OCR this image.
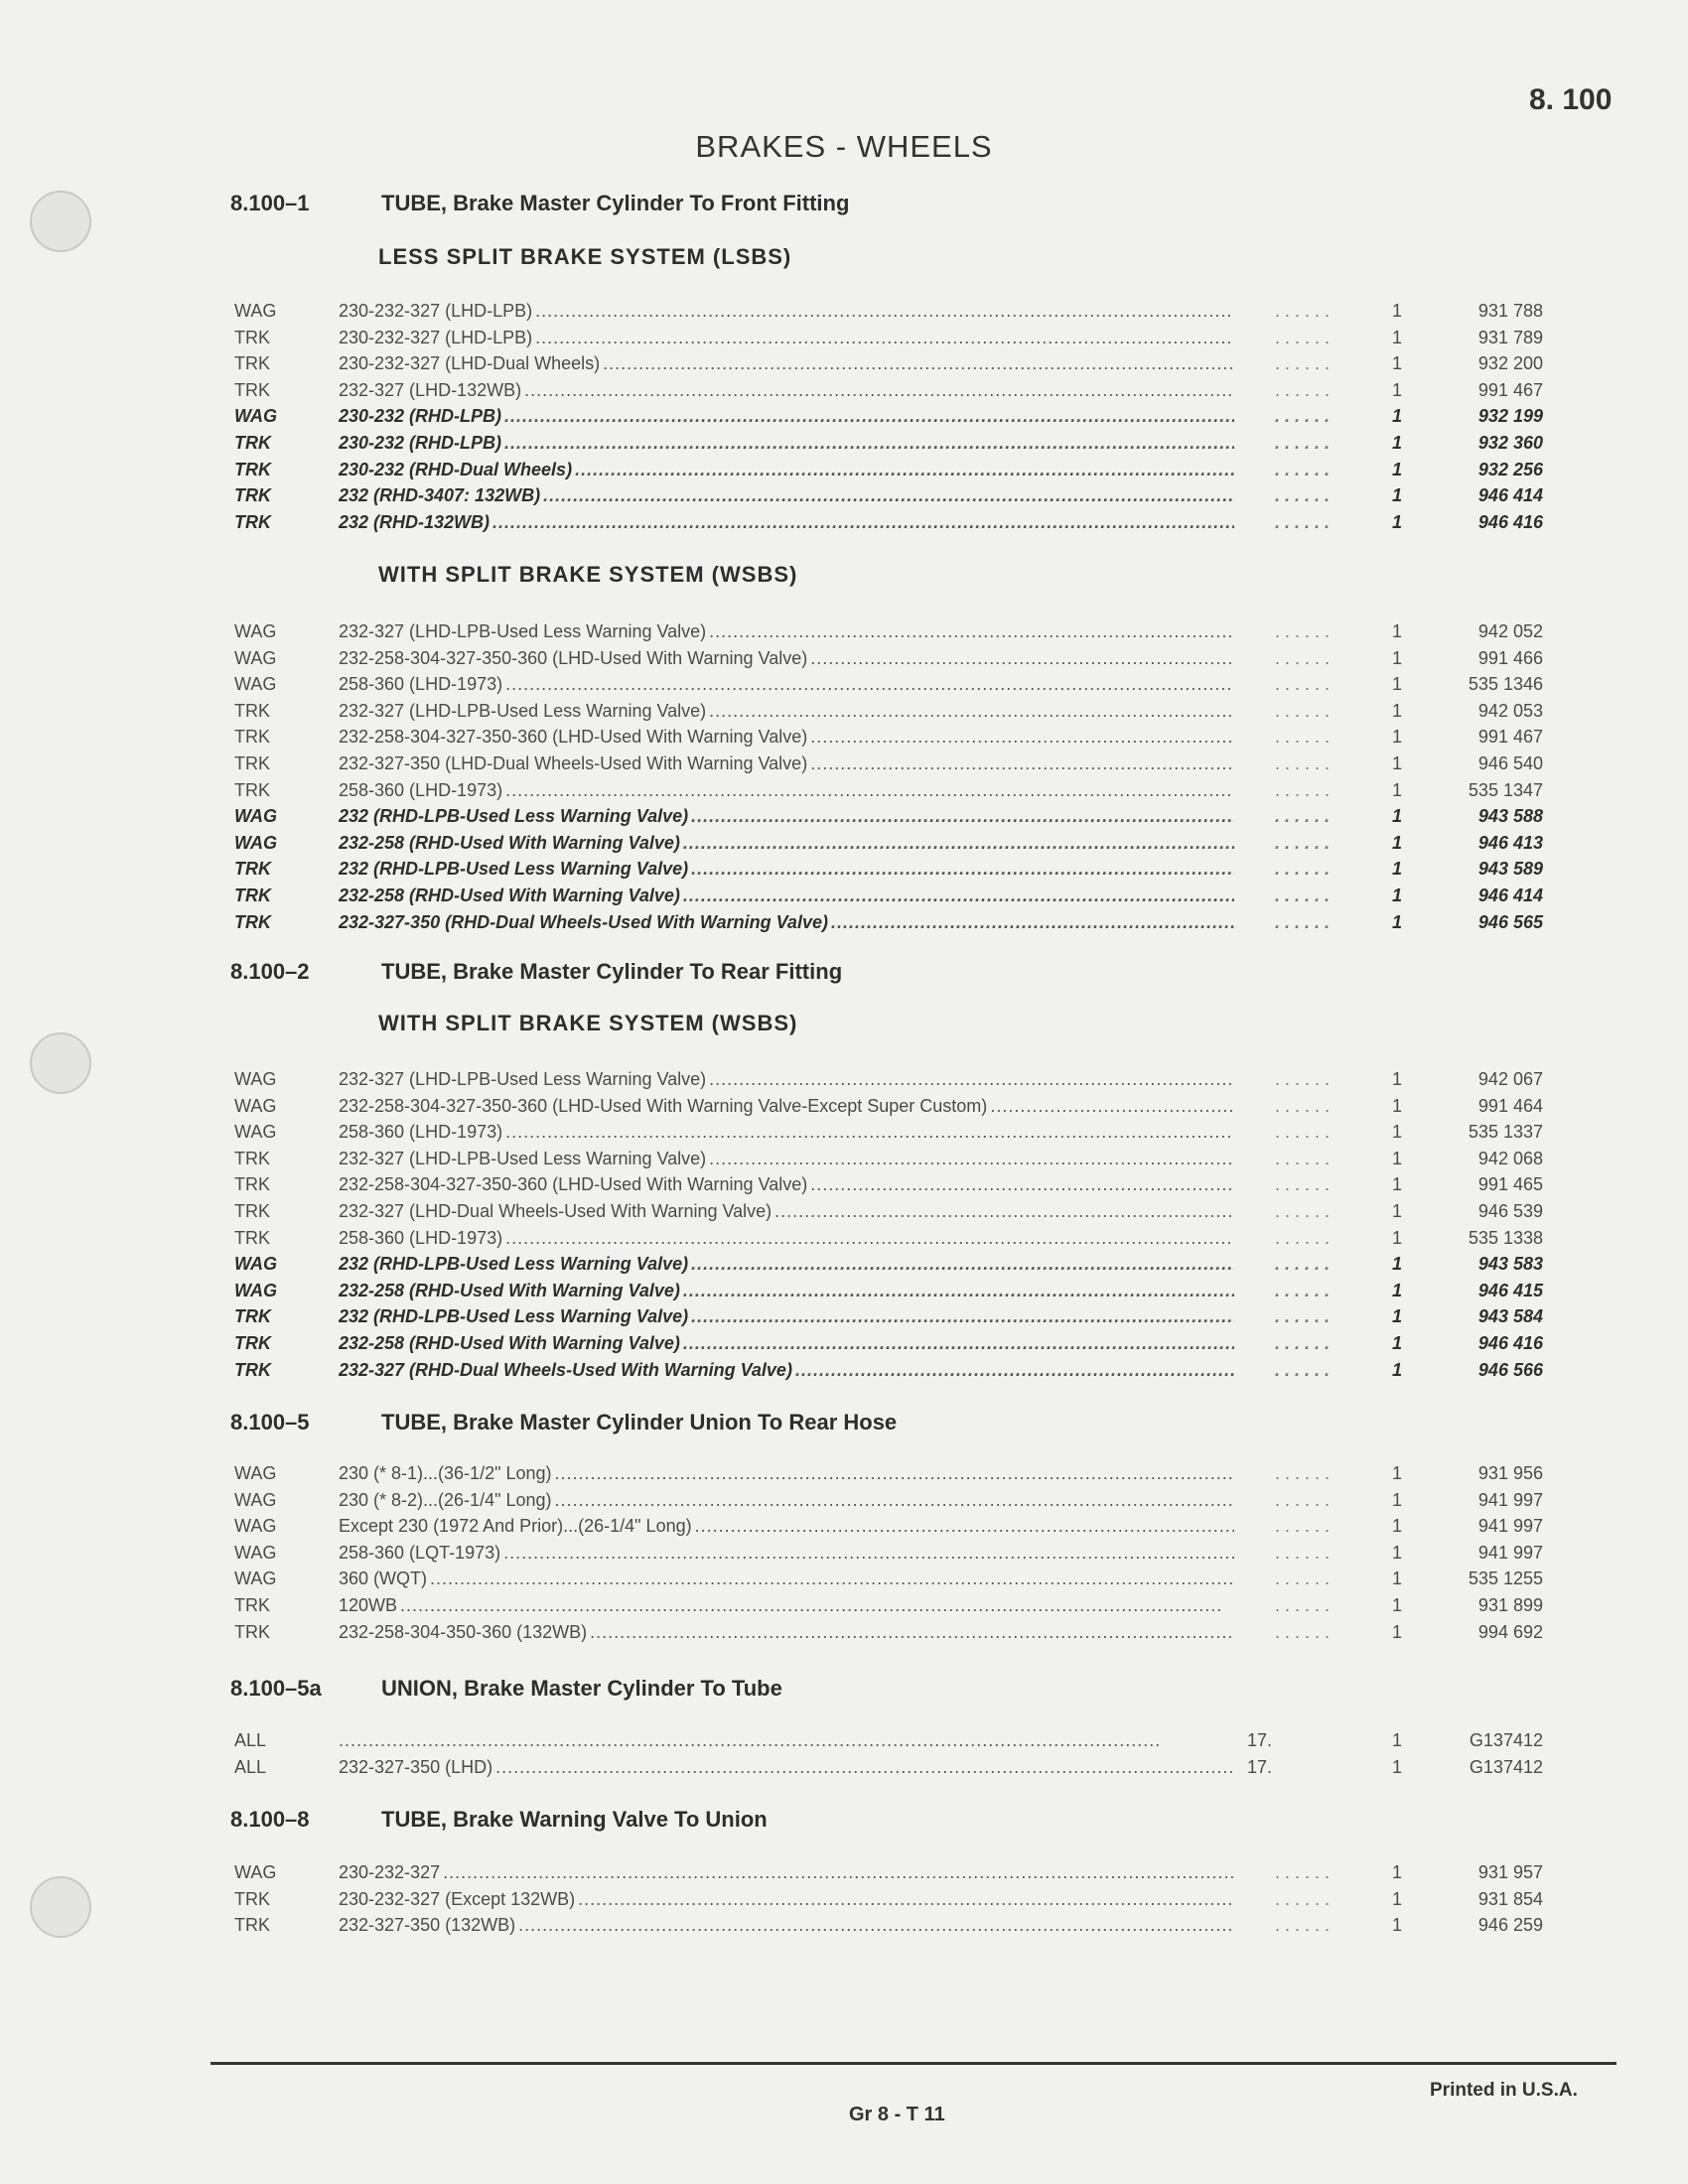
8. 100
BRAKES - WHEELS
8.100–1	TUBE, Brake Master Cylinder To Front Fitting
LESS SPLIT BRAKE SYSTEM (LSBS)
WAG	230-232-327 (LHD-LPB) . . .	. . . . . .	1	931 788
TRK	230-232-327 (LHD-LPB) . . .	. . . . . .	1	931 789
TRK	230-232-327 (LHD-Dual Wheels) . . .	. . . . . .	1	932 200
TRK	232-327 (LHD-132WB) . . .	. . . . . .	1	991 467
WAG	230-232 (RHD-LPB) . . .	. . . . . .	1	932 199
TRK	230-232 (RHD-LPB) . . .	. . . . . .	1	932 360
TRK	230-232 (RHD-Dual Wheels) . . .	. . . . . .	1	932 256
TRK	232 (RHD-3407: 132WB) . . .	. . . . . .	1	946 414
TRK	232 (RHD-132WB) . . .	. . . . . .	1	946 416
WITH SPLIT BRAKE SYSTEM (WSBS)
WAG	232-327 (LHD-LPB-Used Less Warning Valve) . . .	. . . . . .	1	942 052
WAG	232-258-304-327-350-360 (LHD-Used With Warning Valve) . . .	. . . . . .	1	991 466
WAG	258-360 (LHD-1973) . . .	. . . . . .	1	535 1346
TRK	232-327 (LHD-LPB-Used Less Warning Valve) . . .	. . . . . .	1	942 053
TRK	232-258-304-327-350-360 (LHD-Used With Warning Valve) . . .	. . . . . .	1	991 467
TRK	232-327-350 (LHD-Dual Wheels-Used With Warning Valve) . . .	. . . . . .	1	946 540
TRK	258-360 (LHD-1973) . . .	. . . . . .	1	535 1347
WAG	232 (RHD-LPB-Used Less Warning Valve) . . .	. . . . . .	1	943 588
WAG	232-258 (RHD-Used With Warning Valve) . . .	. . . . . .	1	946 413
TRK	232 (RHD-LPB-Used Less Warning Valve) . . .	. . . . . .	1	943 589
TRK	232-258 (RHD-Used With Warning Valve) . . .	. . . . . .	1	946 414
TRK	232-327-350 (RHD-Dual Wheels-Used With Warning Valve) . . .	. . . . . .	1	946 565
8.100–2	TUBE, Brake Master Cylinder To Rear Fitting
WITH SPLIT BRAKE SYSTEM (WSBS)
WAG	232-327 (LHD-LPB-Used Less Warning Valve) . . .	. . . . . .	1	942 067
WAG	232-258-304-327-350-360 (LHD-Used With Warning Valve-Except Super Custom) . . .	. . . . . .	1	991 464
WAG	258-360 (LHD-1973) . . .	. . . . . .	1	535 1337
TRK	232-327 (LHD-LPB-Used Less Warning Valve) . . .	. . . . . .	1	942 068
TRK	232-258-304-327-350-360 (LHD-Used With Warning Valve) . . .	. . . . . .	1	991 465
TRK	232-327 (LHD-Dual Wheels-Used With Warning Valve) . . .	. . . . . .	1	946 539
TRK	258-360 (LHD-1973) . . .	. . . . . .	1	535 1338
WAG	232 (RHD-LPB-Used Less Warning Valve) . . .	. . . . . .	1	943 583
WAG	232-258 (RHD-Used With Warning Valve) . . .	. . . . . .	1	946 415
TRK	232 (RHD-LPB-Used Less Warning Valve) . . .	. . . . . .	1	943 584
TRK	232-258 (RHD-Used With Warning Valve) . . .	. . . . . .	1	946 416
TRK	232-327 (RHD-Dual Wheels-Used With Warning Valve) . . .	. . . . . .	1	946 566
8.100–5	TUBE, Brake Master Cylinder Union To Rear Hose
WAG	230 (* 8-1)...(36-1/2" Long) . . .	. . . . . .	1	931 956
WAG	230 (* 8-2)...(26-1/4" Long) . . .	. . . . . .	1	941 997
WAG	Except 230 (1972 And Prior)...(26-1/4" Long) . . .	. . . . . .	1	941 997
WAG	258-360 (LQT-1973) . . .	. . . . . .	1	941 997
WAG	360 (WQT) . . .	. . . . . .	1	535 1255
TRK	120WB . . .	. . . . . .	1	931 899
TRK	232-258-304-350-360 (132WB) . . .	. . . . . .	1	994 692
8.100–5a	UNION, Brake Master Cylinder To Tube
ALL
. . .	17.	1	G137412
ALL	232-327-350 (LHD) . . .	17.	1	G137412
8.100–8	TUBE, Brake Warning Valve To Union
WAG	230-232-327 . . .	. . . . . .	1	931 957
TRK	230-232-327 (Except 132WB) . . .	. . . . . .	1	931 854
TRK	232-327-350 (132WB) . . .	. . . . . .	1	946 259
Printed in U.S.A.
Gr 8 - T 11
